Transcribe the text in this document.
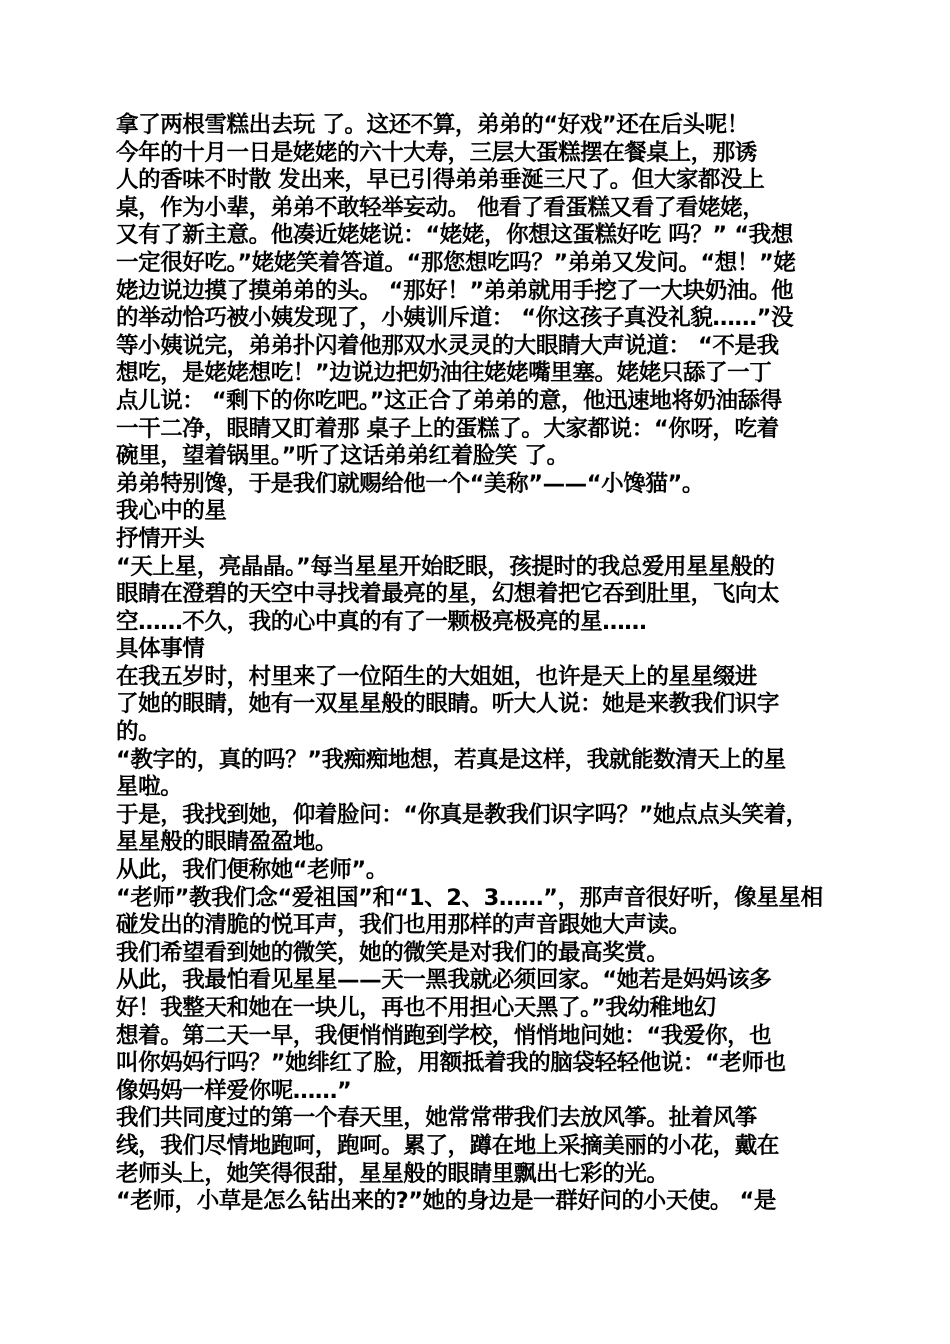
拿了两根雪糕出去玩 了。这还不算，弟弟的“好戏”还在后头呢！
今年的十月一日是姥姥的六十大寿，三层大蛋糕摆在餐桌上，那诱
人的香味不时散 发出来，早已引得弟弟垂涎三尺了。但大家都没上
桌，作为小辈，弟弟不敢轻举妄动。 他看了看蛋糕又看了看姥姥，
又有了新主意。他凑近姥姥说：“姥姥，你想这蛋糕好吃 吗？” “我想
一定很好吃。”姥姥笑着答道。“那您想吃吗？”弟弟又发问。“想！”姥
姥边说边摸了摸弟弟的头。 “那好！”弟弟就用手挖了一大块奶油。他
的举动恰巧被小姨发现了，小姨训斥道： “你这孩子真没礼貌……”没
等小姨说完，弟弟扑闪着他那双水灵灵的大眼睛大声说道： “不是我
想吃，是姥姥想吃！”边说边把奶油往姥姥嘴里塞。姥姥只舔了一丁
点儿说： “剩下的你吃吧。”这正合了弟弟的意，他迅速地将奶油舔得
一干二净，眼睛又盯着那 桌子上的蛋糕了。大家都说：“你呀，吃着
碗里，望着锅里。”听了这话弟弟红着脸笑 了。
弟弟特别馋，于是我们就赐给他一个“美称”——“小馋猫”。
我心中的星
抒情开头
“天上星，亮晶晶。”每当星星开始眨眼，孩提时的我总爱用星星般的
眼睛在澄碧的天空中寻找着最亮的星，幻想着把它吞到肚里，飞向太
空……不久，我的心中真的有了一颗极亮极亮的星……
具体事情
在我五岁时，村里来了一位陌生的大姐姐，也许是天上的星星缀进
了她的眼睛，她有一双星星般的眼睛。听大人说：她是来教我们识字
的。
“教字的，真的吗？”我痴痴地想，若真是这样，我就能数清天上的星
星啦。
于是，我找到她，仰着脸问：“你真是教我们识字吗？”她点点头笑着，
星星般的眼睛盈盈地。
从此，我们便称她“老师”。
“老师”教我们念“爱祖国”和“1、2、3……”，那声音很好听，像星星相
碰发出的清脆的悦耳声，我们也用那样的声音跟她大声读。
我们希望看到她的微笑，她的微笑是对我们的最高奖赏。
从此，我最怕看见星星——天一黑我就必须回家。“她若是妈妈该多
好！我整天和她在一块儿，再也不用担心天黑了。”我幼稚地幻
想着。第二天一早，我便悄悄跑到学校，悄悄地问她：“我爱你，也
叫你妈妈行吗？”她绯红了脸，用额抵着我的脑袋轻轻他说：“老师也
像妈妈一样爱你呢……”
我们共同度过的第一个春天里，她常常带我们去放风筝。扯着风筝
线，我们尽情地跑呵，跑呵。累了，蹲在地上采摘美丽的小花，戴在
老师头上，她笑得很甜，星星般的眼睛里飘出七彩的光。
“老师，小草是怎么钻出来的?”她的身边是一群好问的小天使。 “是
